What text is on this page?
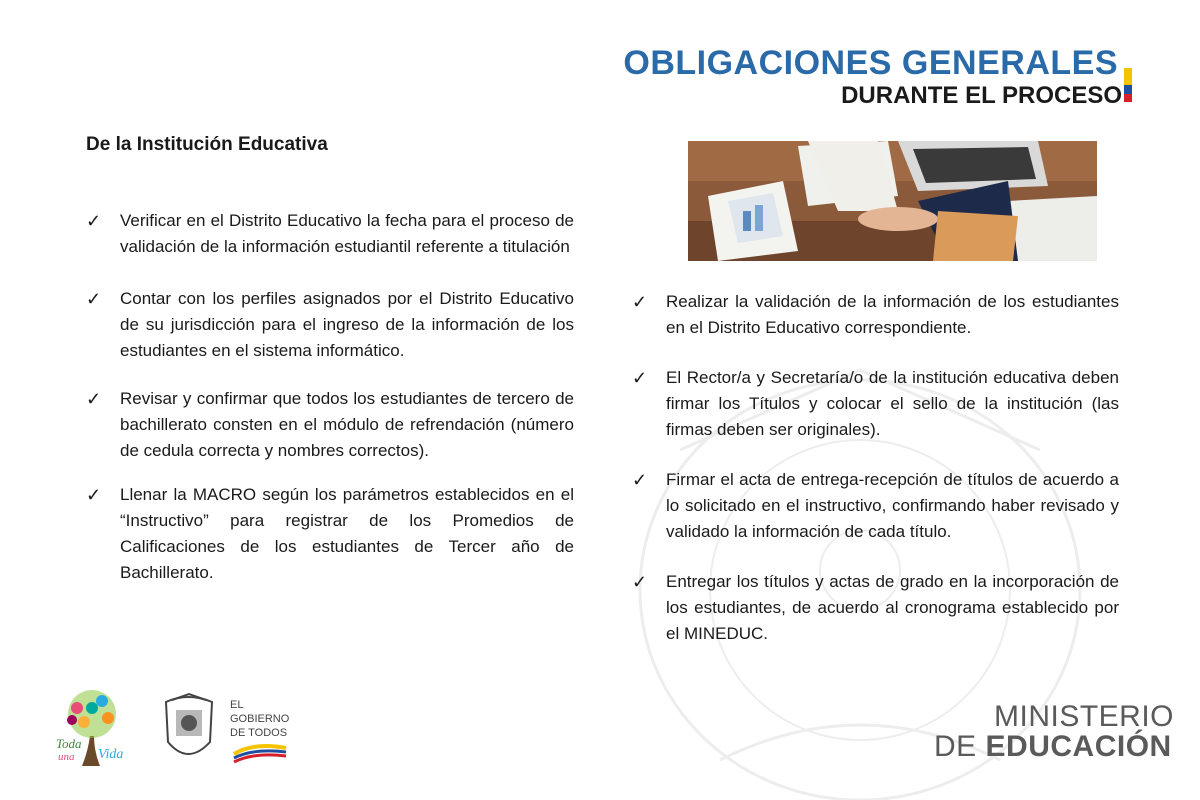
OBLIGACIONES GENERALES
DURANTE EL PROCESO
De la Institución Educativa
✓	Verificar en el Distrito Educativo la fecha para el proceso de validación de la información estudiantil referente a titulación
✓	Contar con los perfiles asignados por el Distrito Educativo de su jurisdicción para el ingreso de la información de los estudiantes en el sistema informático.
✓	Revisar y confirmar que todos los estudiantes de tercero de bachillerato consten en el módulo de refrendación (número de cedula correcta y nombres correctos).
✓	Llenar la MACRO según los parámetros establecidos en el “Instructivo” para registrar de los Promedios de Calificaciones de los estudiantes de Tercer año de Bachillerato.
✓	Realizar la validación de la información de los estudiantes en el Distrito Educativo correspondiente.
✓	El Rector/a y Secretaría/o de la institución educativa deben firmar los Títulos y colocar el sello de la institución (las firmas deben ser originales).
✓	Firmar el acta de entrega-recepción de títulos de acuerdo a lo solicitado en el instructivo, confirmando haber revisado y validado la información de cada título.
✓	Entregar los títulos y actas de grado en la incorporación de los estudiantes, de acuerdo al cronograma establecido por el MINEDUC.
Toda
una Vida
EL
GOBIERNO
DE TODOS	MINISTERIO
DE EDUCACIÓN
